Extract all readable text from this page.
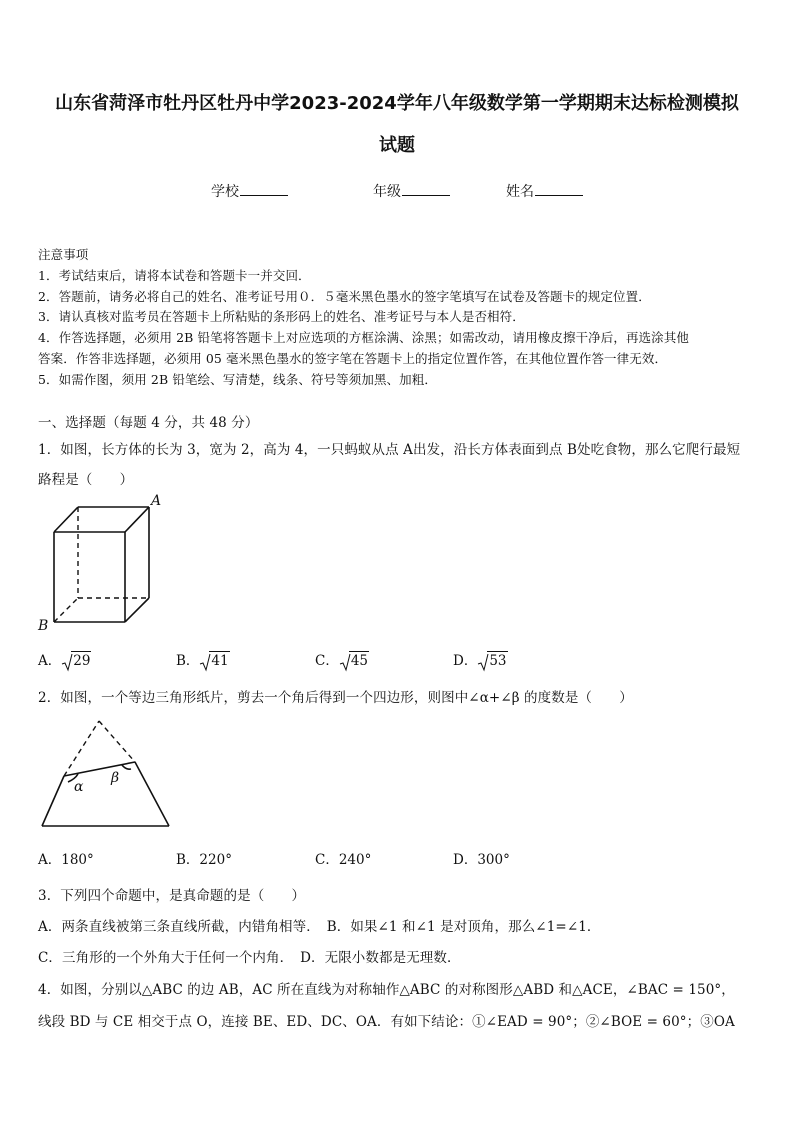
山东省菏泽市牡丹区牡丹中学2023-2024学年八年级数学第一学期期末达标检测模拟
试题
学校	年级	姓名
注意事项
1．考试结束后，请将本试卷和答题卡一并交回．
2．答题前，请务必将自己的姓名、准考证号用０．５毫米黑色墨水的签字笔填写在试卷及答题卡的规定位置．
3．请认真核对监考员在答题卡上所粘贴的条形码上的姓名、准考证号与本人是否相符．
4．作答选择题，必须用 2B 铅笔将答题卡上对应选项的方框涂满、涂黑；如需改动，请用橡皮擦干净后，再选涂其他
答案．作答非选择题，必须用 05 毫米黑色墨水的签字笔在答题卡上的指定位置作答，在其他位置作答一律无效．
5．如需作图，须用 2B 铅笔绘、写清楚，线条、符号等须加黑、加粗．
一、选择题（每题 4 分，共 48 分）
1．如图，长方体的长为 3，宽为 2，高为 4，一只蚂蚁从点 A出发，沿长方体表面到点 B处吃食物，那么它爬行最短
路程是（　　）
A
B
A． 29	B． 41	C． 45	D． 53
2．如图，一个等边三角形纸片，剪去一个角后得到一个四边形，则图中∠α+∠β 的度数是（　　）
α
β
A．180°	B．220°	C．240°	D．300°
3．下列四个命题中，是真命题的是（　　）
A．两条直线被第三条直线所截，内错角相等．　B．如果∠1 和∠1 是对顶角，那么∠1=∠1．
C．三角形的一个外角大于任何一个内角．　D．无限小数都是无理数．
4．如图，分别以△ABC 的边 AB，AC 所在直线为对称轴作△ABC 的对称图形△ABD 和△ACE，∠BAC = 150°，
线段 BD 与 CE 相交于点 O，连接 BE、ED、DC、OA．有如下结论：①∠EAD = 90°；②∠BOE = 60°；③OA
